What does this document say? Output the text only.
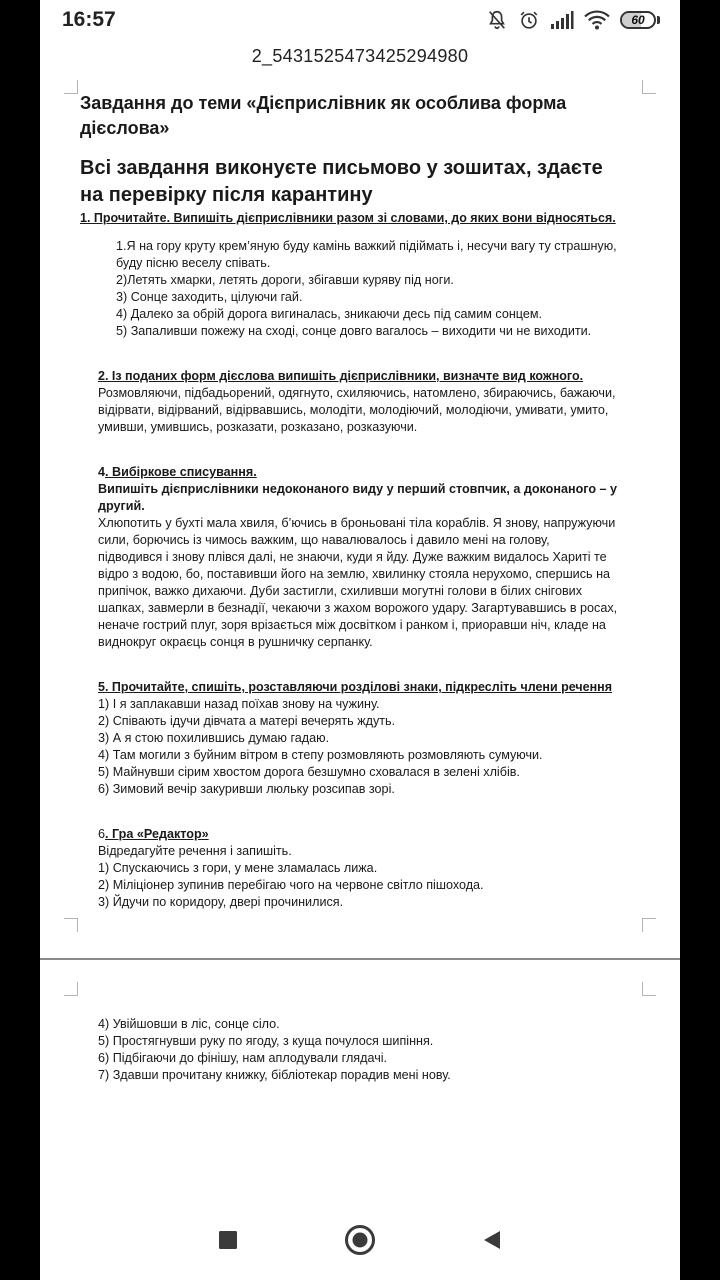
16:57	60
2_5431525473425294980
Завдання до теми «Дієприслівник як особлива форма
дієслова»
Всі завдання виконуєте письмово у зошитах, здаєте
на перевірку після карантину
1. Прочитайте. Випишіть дієприслівники разом зі словами, до яких вони відносяться.
1.Я на гору круту крем’яную буду камінь важкий підіймать і, несучи вагу ту страшную,
буду пісню веселу співать.
2)Летять хмарки, летять дороги, збігавши куряву під ноги.
3) Сонце заходить, цілуючи гай.
4) Далеко за обрій дорога вигиналась, зникаючи десь під самим сонцем.
5) Запаливши пожежу на сході, сонце довго вагалось – виходити чи не виходити.
2. Із поданих форм дієслова випишіть дієприслівники, визначте вид кожного.
Розмовляючи, підбадьорений, одягнуто, схиляючись, натомлено, збираючись, бажаючи,
відірвати, відірваний, відірвавшись, молодіти, молодіючий, молодіючи, умивати, умито,
умивши, умившись, розказати, розказано, розказуючи.
4. Вибіркове списування.
Випишіть дієприслівники недоконаного виду у перший стовпчик, а доконаного – у
другий.
Хлюпотить у бухті мала хвиля, б’ючись в броньовані тіла кораблів. Я знову, напружуючи
сили, борючись із чимось важким, що навалювалось і давило мені на голову,
підводився і знову плівся далі, не знаючи, куди я йду. Дуже важким видалось Харитi те
відро з водою, бо, поставивши його на землю, хвилинку стояла нерухомо, спершись на
припічок, важко дихаючи. Дуби застигли, схиливши могутні голови в білих снігових
шапках, завмерли в безнадії, чекаючи з жахом ворожого удару. Загартувавшись в росах,
неначе гострий плуг, зоря врізається між досвітком і ранком і, приоравши ніч, кладе на
виднокруг окраєць сонця в рушничку серпанку.
5. Прочитайте, спишіть, розставляючи розділові знаки, підкресліть члени речення
1) І я заплакавши назад поїхав знову на чужину.
2) Співають ідучи дівчата а матері вечерять ждуть.
3) А я стою похилившись думаю гадаю.
4) Там могили з буйним вітром в степу розмовляють розмовляють сумуючи.
5) Майнувши сірим хвостом дорога безшумно сховалася в зелені хлібів.
6) Зимовий вечір закуривши люльку розсипав зорі.
6. Гра «Редактор»
Відредагуйте речення і запишіть.
1) Спускаючись з гори, у мене зламалась лижа.
2) Міліціонер зупинив перебігаю чого на червоне світло пішохода.
3) Йдучи по коридору, двері прочинилися.
4) Увійшовши в ліс, сонце сіло.
5) Простягнувши руку по ягоду, з куща почулося шипіння.
6) Підбігаючи до фінішу, нам аплодували глядачі.
7) Здавши прочитану книжку, бібліотекар порадив мені нову.
